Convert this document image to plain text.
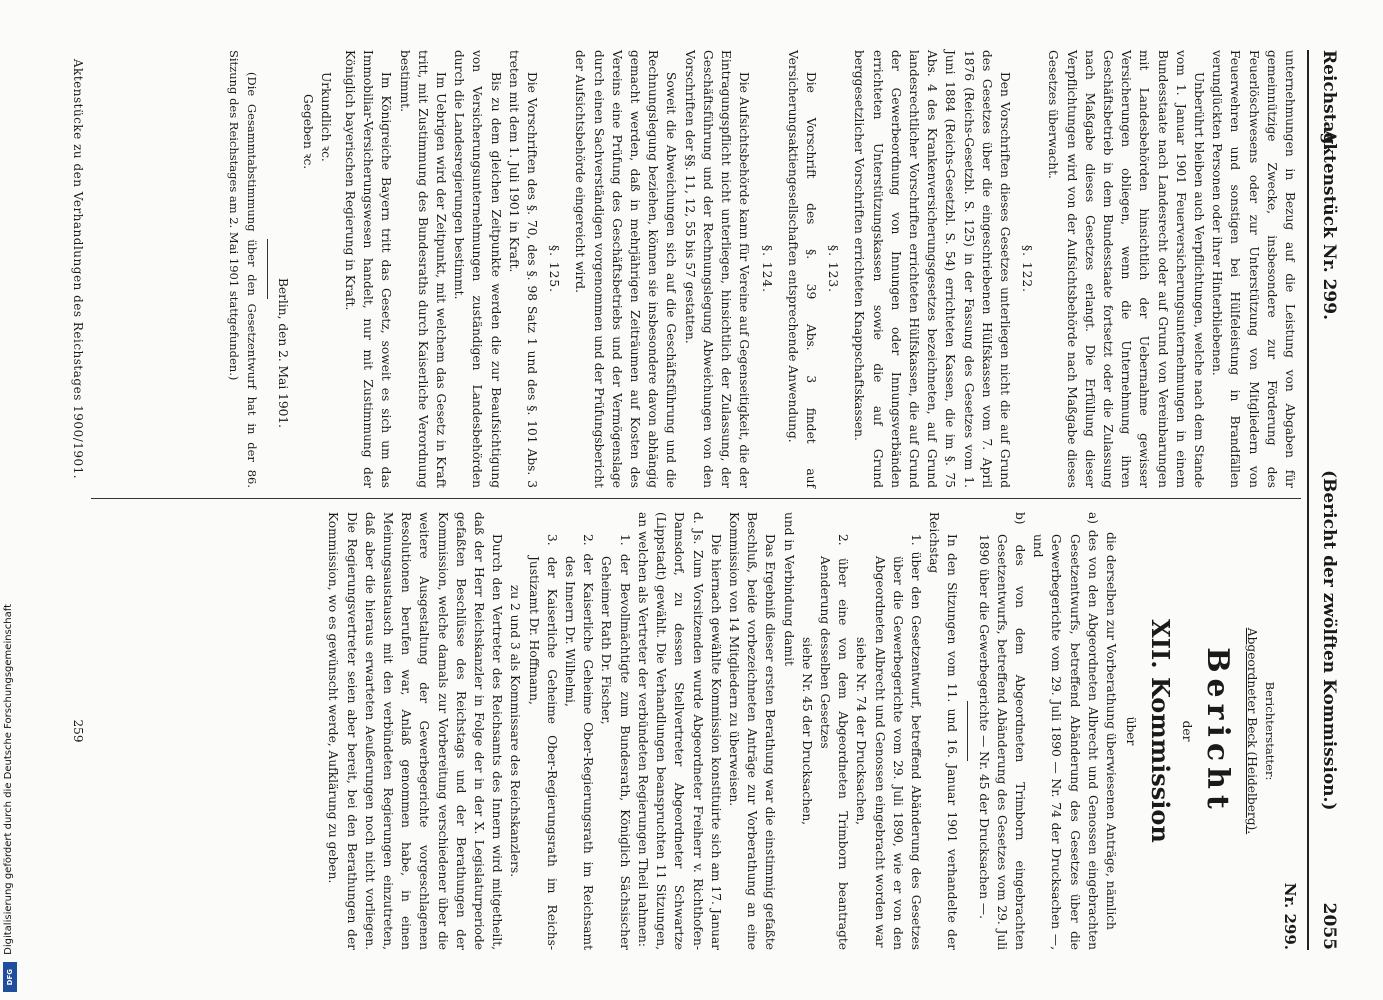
Reichstag.
Aktenstück Nr. 299.
(Bericht der zwölften Kommission.)
2055

unternehmungen in Bezug auf die Leistung von Abgaben für gemeinnützige Zwecke, insbesondere zur Förderung des Feuerlöschwesens oder zur Unterstützung von Mitgliedern von Feuerwehren und sonstigen bei Hülfeleistung in Brandfällen verunglückten Personen oder ihrer Hinterbliebenen.

Unberührt bleiben auch Verpflichtungen, welche nach dem Stande vom 1. Januar 1901 Feuerversicherungsunternehmungen in einem Bundesstaate nach Landesrecht oder auf Grund von Vereinbarungen mit Landesbehörden hinsichtlich der Uebernahme gewisser Versicherungen obliegen, wenn die Unternehmung ihren Geschäftsbetrieb in dem Bundesstaate fortsetzt oder die Zulassung nach Maßgabe dieses Gesetzes erlangt. Die Erfüllung dieser Verpflichtungen wird von der Aufsichtsbehörde nach Maßgabe dieses Gesetzes überwacht.

§. 122.

Den Vorschriften dieses Gesetzes unterliegen nicht die auf Grund des Gesetzes über die eingeschriebenen Hülfskassen vom 7. April 1876 (Reichs-Gesetzbl. S. 125) in der Fassung des Gesetzes vom 1. Juni 1884 (Reichs-Gesetzbl. S. 54) errichteten Kassen, die im §. 75 Abs. 4 des Krankenversicherungsgesetzes bezeichneten, auf Grund landesrechtlicher Vorschriften errichteten Hülfskassen, die auf Grund der Gewerbeordnung von Innungen oder Innungsverbänden errichteten Unterstützungskassen sowie die auf Grund berggesetzlicher Vorschriften errichteten Knappschaftskassen.

§. 123.

Die Vorschrift des §. 39 Abs. 3 findet auf Versicherungsaktiengesellschaften entsprechende Anwendung.

§. 124.

Die Aufsichtsbehörde kann für Vereine auf Gegenseitigkeit, die der Eintragungspflicht nicht unterliegen, hinsichtlich der Zulassung, der Geschäftsführung und der Rechnungslegung Abweichungen von den Vorschriften der §§. 11, 12, 55 bis 57 gestatten.

Soweit die Abweichungen sich auf die Geschäftsführung und die Rechnungslegung beziehen, können sie insbesondere davon abhängig gemacht werden, daß in mehrjährigen Zeiträumen auf Kosten des Vereins eine Prüfung des Geschäftsbetriebs und der Vermögenslage durch einen Sachverständigen vorgenommen und der Prüfungsbericht der Aufsichtsbehörde eingereicht wird.

§. 125.

Die Vorschriften des §. 70, des §. 98 Satz 1 und des §. 101 Abs. 3 treten mit dem 1. Juli 1901 in Kraft.

Bis zu dem gleichen Zeitpunkte werden die zur Beaufsichtigung von Versicherungsunternehmungen zuständigen Landesbehörden durch die Landesregierungen bestimmt.

Im Uebrigen wird der Zeitpunkt, mit welchem das Gesetz in Kraft tritt, mit Zustimmung des Bundesraths durch Kaiserliche Verordnung bestimmt.

Im Königreiche Bayern tritt das Gesetz, soweit es sich um das Immobiliar-Versicherungswesen handelt, nur mit Zustimmung der Königlich bayerischen Regierung in Kraft.

Urkundlich ꝛc.

Gegeben ꝛc.

Berlin, den 2. Mai 1901.

(Die Gesammtabstimmung über den Gesetzentwurf hat in der 86. Sitzung des Reichstages am 2. Mai 1901 stattgefunden.)

Nr. 299.

Berichterstatter:

Abgeordneter Beck (Heidelberg).

Bericht

der

XII. Kommission

über

die derselben zur Vorberathung überwiesenen Anträge, nämlich

a) des von den Abgeordneten Albrecht und Genossen eingebrachten Gesetzentwurfs, betreffend Abänderung des Gesetzes über die Gewerbegerichte vom 29. Juli 1890 — Nr. 74 der Drucksachen —, und

b) des von dem Abgeordneten Trimborn eingebrachten Gesetzentwurfs, betreffend Abänderung des Gesetzes vom 29. Juli 1890 über die Gewerbegerichte — Nr. 45 der Drucksachen —.

In den Sitzungen vom 11. und 16. Januar 1901 verhandelte der Reichstag

1. über den Gesetzentwurf, betreffend Abänderung des Gesetzes über die Gewerbegerichte vom 29. Juli 1890, wie er von den Abgeordneten Albrecht und Genossen eingebracht worden war

siehe Nr. 74 der Drucksachen,

2. über eine von dem Abgeordneten Trimborn beantragte Aenderung desselben Gesetzes

siehe Nr. 45 der Drucksachen,

und in Verbindung damit

Das Ergebniß dieser ersten Berathung war die einstimmig gefaßte Beschluß, beide vorbezeichneten Anträge zur Vorberathung an eine Kommission von 14 Mitgliedern zu überweisen.

Die hiernach gewählte Kommission konstituirte sich am 17. Januar d. Js. Zum Vorsitzenden wurde Abgeordneter Freiherr v. Richthofen-Damsdorf, zu dessen Stellvertreter Abgeordneter Schwartze (Lippstadt) gewählt. Die Verhandlungen beanspruchten 11 Sitzungen, an welchen als Vertreter der verbündeten Regierungen Theil nahmen:

1. der Bevollmächtigte zum Bundesrath, Königlich Sächsischer Geheimer Rath Dr. Fischer,

2. der Kaiserliche Geheime Ober-Regierungsrath im Reichsamt des Innern Dr. Wilhelmi,

3. der Kaiserliche Geheime Ober-Regierungsrath im Reichs-Justizamt Dr. Hoffmann,

zu 2 und 3 als Kommissare des Reichskanzlers.

Durch den Vertreter des Reichsamts des Innern wird mitgetheilt, daß der Herr Reichskanzler in Folge der in der X. Legislaturperiode gefaßten Beschlüsse des Reichstags und der Berathungen der Kommission, welche damals zur Vorbereitung verschiedener über die weitere Ausgestaltung der Gewerbegerichte vorgeschlagenen Resolutionen berufen war, Anlaß genommen habe, in einen Meinungsaustausch mit den verbündeten Regierungen einzutreten, daß aber die hieraus erwarteten Aeußerungen noch nicht vorliegen. Die Regierungsvertreter seien aber bereit, bei den Berathungen der Kommission, wo es gewünscht werde, Aufklärung zu geben.

Aktenstücke zu den Verhandlungen des Reichstages 1900/1901.
259
Digitalisierung gefördert durch die Deutsche Forschungsgemeinschaft
DFG
